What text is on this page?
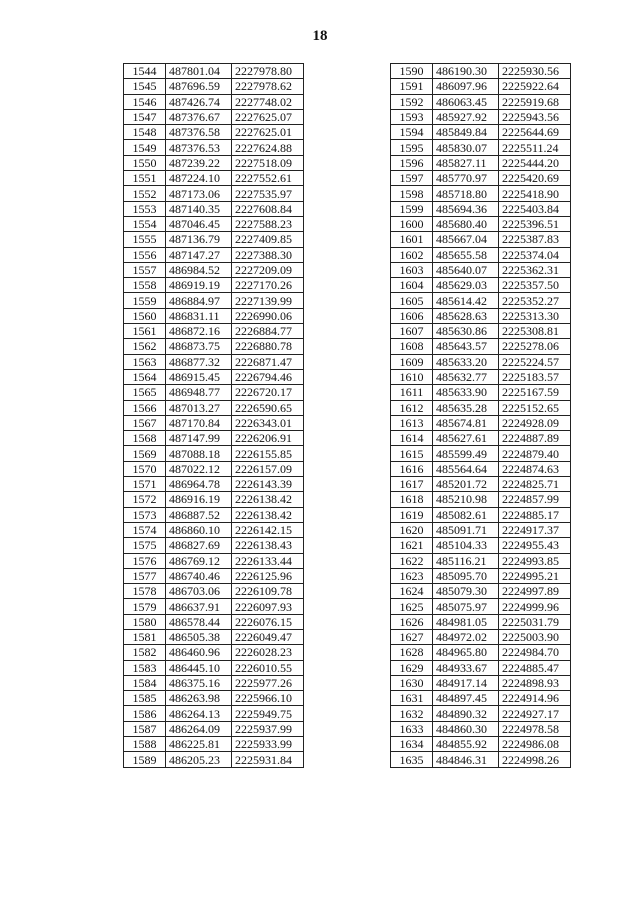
18
1544	487801.04	2227978.80
1545	487696.59	2227978.62
1546	487426.74	2227748.02
1547	487376.67	2227625.07
1548	487376.58	2227625.01
1549	487376.53	2227624.88
1550	487239.22	2227518.09
1551	487224.10	2227552.61
1552	487173.06	2227535.97
1553	487140.35	2227608.84
1554	487046.45	2227588.23
1555	487136.79	2227409.85
1556	487147.27	2227388.30
1557	486984.52	2227209.09
1558	486919.19	2227170.26
1559	486884.97	2227139.99
1560	486831.11	2226990.06
1561	486872.16	2226884.77
1562	486873.75	2226880.78
1563	486877.32	2226871.47
1564	486915.45	2226794.46
1565	486948.77	2226720.17
1566	487013.27	2226590.65
1567	487170.84	2226343.01
1568	487147.99	2226206.91
1569	487088.18	2226155.85
1570	487022.12	2226157.09
1571	486964.78	2226143.39
1572	486916.19	2226138.42
1573	486887.52	2226138.42
1574	486860.10	2226142.15
1575	486827.69	2226138.43
1576	486769.12	2226133.44
1577	486740.46	2226125.96
1578	486703.06	2226109.78
1579	486637.91	2226097.93
1580	486578.44	2226076.15
1581	486505.38	2226049.47
1582	486460.96	2226028.23
1583	486445.10	2226010.55
1584	486375.16	2225977.26
1585	486263.98	2225966.10
1586	486264.13	2225949.75
1587	486264.09	2225937.99
1588	486225.81	2225933.99
1589	486205.23	2225931.84
1590	486190.30	2225930.56
1591	486097.96	2225922.64
1592	486063.45	2225919.68
1593	485927.92	2225943.56
1594	485849.84	2225644.69
1595	485830.07	2225511.24
1596	485827.11	2225444.20
1597	485770.97	2225420.69
1598	485718.80	2225418.90
1599	485694.36	2225403.84
1600	485680.40	2225396.51
1601	485667.04	2225387.83
1602	485655.58	2225374.04
1603	485640.07	2225362.31
1604	485629.03	2225357.50
1605	485614.42	2225352.27
1606	485628.63	2225313.30
1607	485630.86	2225308.81
1608	485643.57	2225278.06
1609	485633.20	2225224.57
1610	485632.77	2225183.57
1611	485633.90	2225167.59
1612	485635.28	2225152.65
1613	485674.81	2224928.09
1614	485627.61	2224887.89
1615	485599.49	2224879.40
1616	485564.64	2224874.63
1617	485201.72	2224825.71
1618	485210.98	2224857.99
1619	485082.61	2224885.17
1620	485091.71	2224917.37
1621	485104.33	2224955.43
1622	485116.21	2224993.85
1623	485095.70	2224995.21
1624	485079.30	2224997.89
1625	485075.97	2224999.96
1626	484981.05	2225031.79
1627	484972.02	2225003.90
1628	484965.80	2224984.70
1629	484933.67	2224885.47
1630	484917.14	2224898.93
1631	484897.45	2224914.96
1632	484890.32	2224927.17
1633	484860.30	2224978.58
1634	484855.92	2224986.08
1635	484846.31	2224998.26
